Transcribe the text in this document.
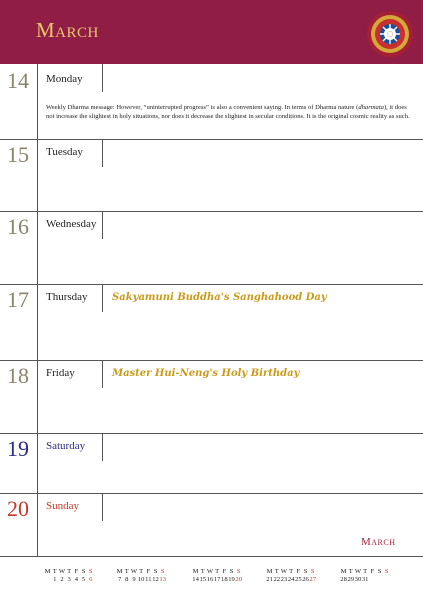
March
14 Monday
Weekly Dharma message: However, “uninterrupted progress” is also a convenient saying. In terms of Dharma nature (dharmata), it does not increase the slightest in holy situations, nor does it decrease the slightest in secular conditions. It is the original cosmic reality as such.
15 Tuesday
16 Wednesday
17 Thursday Sakyamuni Buddha's Sanghahood Day
18 Friday	Master Hui-Neng's Holy Birthday
19 Saturday
20 Sunday
March
M T W T F S S
1 2 3 4 5 6
M T W T F S S
7 8 9 10 11 12 13
M T W T F S S
14 15 16 17 18 19 20
M T W T F S S
21 22 23 24 25 26 27
M T W T F S S
28 29 30 31
